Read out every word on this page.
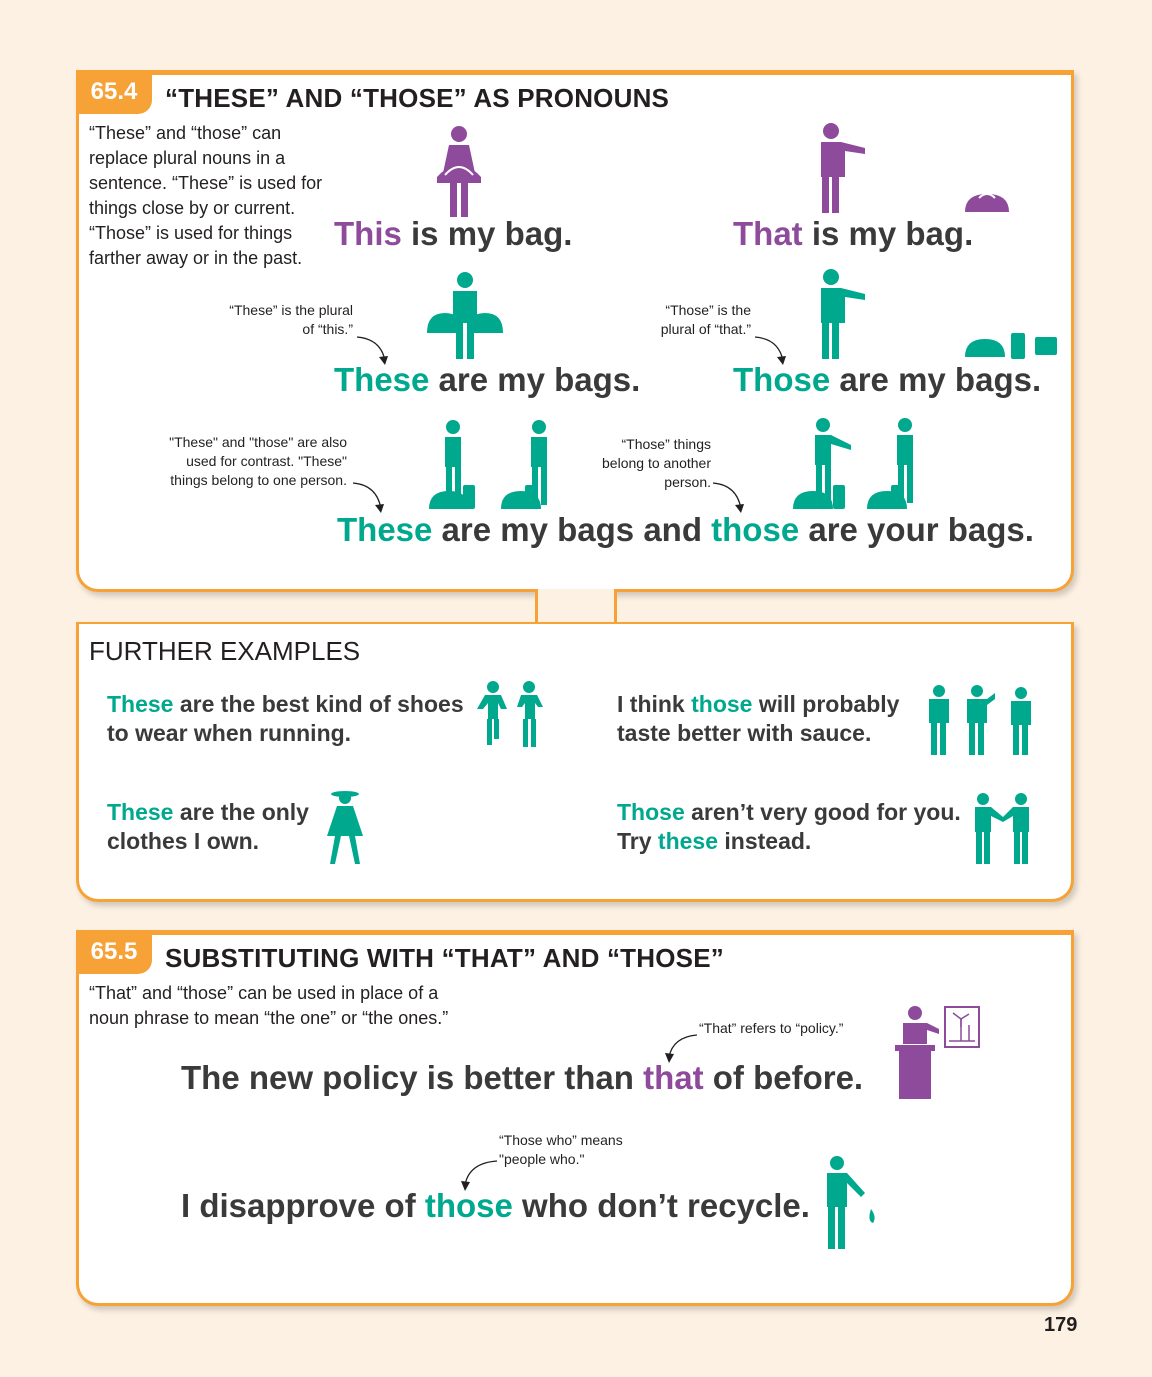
65.4	“THESE” AND “THOSE” AS PRONOUNS
“These” and “those” can replace plural nouns in a sentence. “These” is used for things close by or current. “Those” is used for things farther away or in the past.
This is my bag.	That is my bag.
“These” is the plural of “this.”
“Those” is the plural of “that.”
These are my bags.	Those are my bags.
"These" and "those" are also used for contrast. "These" things belong to one person.
“Those” things belong to another person.
These are my bags and those are your bags.
FURTHER EXAMPLES
These are the best kind of shoes
to wear when running.
I think those will probably
taste better with sauce.
These are the only
clothes I own.
Those aren’t very good for you.
Try these instead.
65.5	SUBSTITUTING WITH “THAT” AND “THOSE”
“That” and “those” can be used in place of a noun phrase to mean “the one” or “the ones.”	“That” refers to “policy.”
The new policy is better than that of before.
“Those who” means "people who."
I disapprove of those who don’t recycle.
179
